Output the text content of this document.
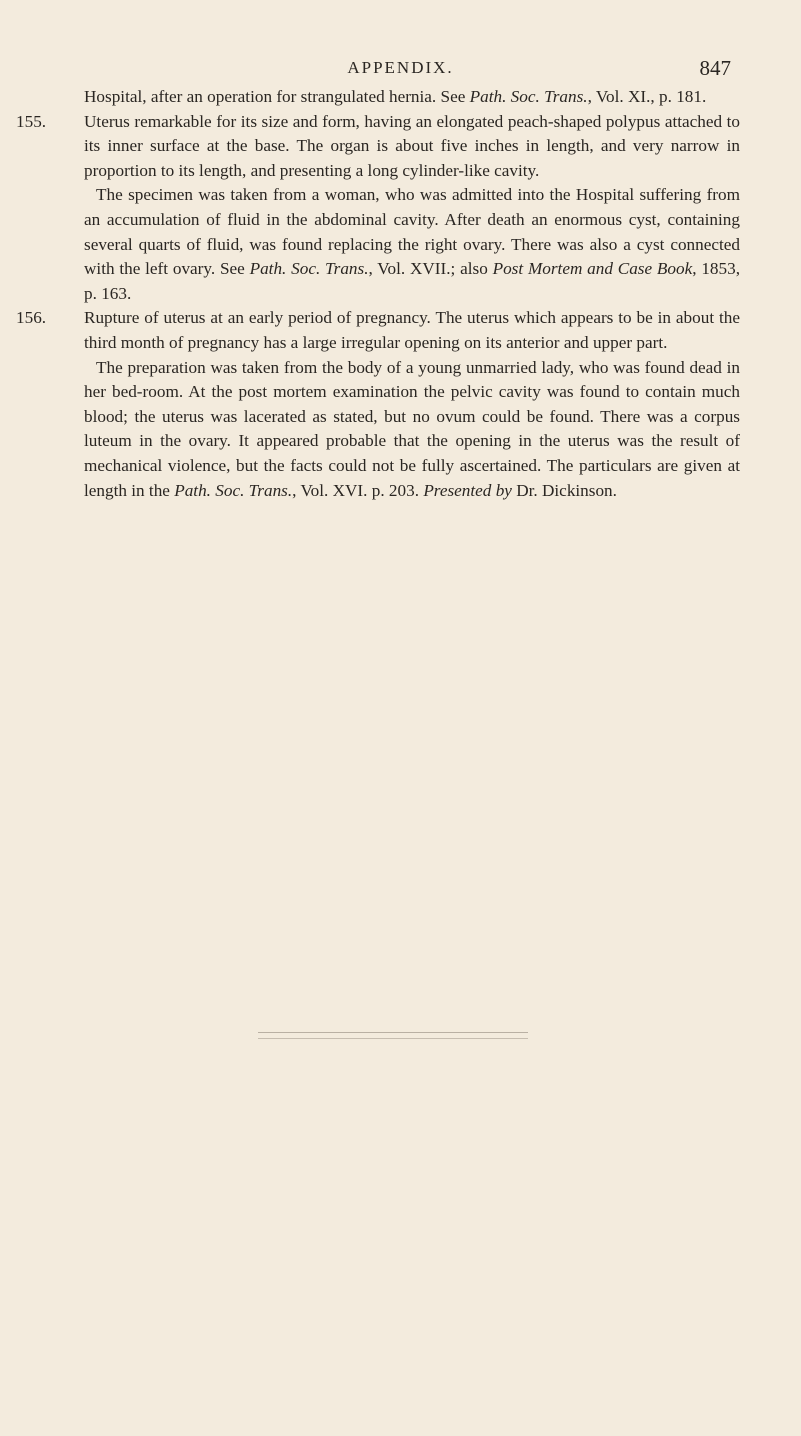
APPENDIX.	847

Hospital, after an operation for strangulated hernia. See Path. Soc. Trans., Vol. XI., p. 181.

155. Uterus remarkable for its size and form, having an elongated peach-shaped polypus attached to its inner surface at the base. The organ is about five inches in length, and very narrow in proportion to its length, and presenting a long cylinder-like cavity.

The specimen was taken from a woman, who was admitted into the Hospital suffering from an accumulation of fluid in the abdominal cavity. After death an enormous cyst, containing several quarts of fluid, was found replacing the right ovary. There was also a cyst connected with the left ovary. See Path. Soc. Trans., Vol. XVII.; also Post Mortem and Case Book, 1853, p. 163.

156. Rupture of uterus at an early period of pregnancy. The uterus which appears to be in about the third month of pregnancy has a large irregular opening on its anterior and upper part.

The preparation was taken from the body of a young unmarried lady, who was found dead in her bed-room. At the post mortem examination the pelvic cavity was found to contain much blood; the uterus was lacerated as stated, but no ovum could be found. There was a corpus luteum in the ovary. It appeared probable that the opening in the uterus was the result of mechanical violence, but the facts could not be fully ascertained. The particulars are given at length in the Path. Soc. Trans., Vol. XVI. p. 203. Presented by Dr. Dickinson.
